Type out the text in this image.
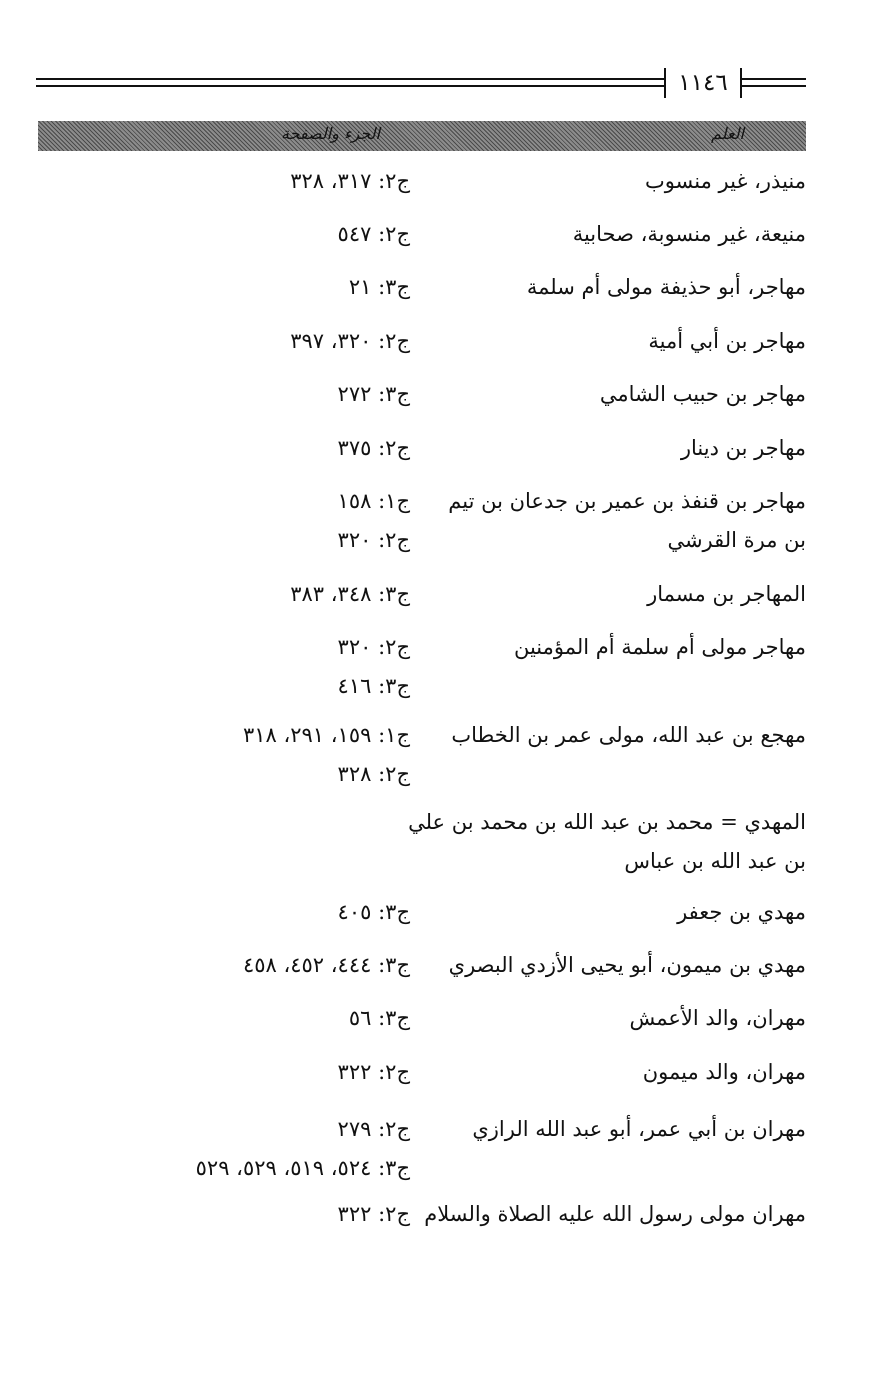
١١٤٦
العلم
الجزء والصفحة
منيذر، غير منسوب
ج٢: ٣١٧، ٣٢٨
منيعة، غير منسوبة، صحابية
ج٢: ٥٤٧
مهاجر، أبو حذيفة مولى أم سلمة
ج٣: ٢١
مهاجر بن أبي أمية
ج٢: ٣٢٠، ٣٩٧
مهاجر بن حبيب الشامي
ج٣: ٢٧٢
مهاجر بن دينار
ج٢: ٣٧٥
مهاجر بن قنفذ بن عمير بن جدعان بن تيم
بن مرة القرشي
ج١: ١٥٨
ج٢: ٣٢٠
المهاجر بن مسمار
ج٣: ٣٤٨، ٣٨٣
مهاجر مولى أم سلمة أم المؤمنين
ج٢: ٣٢٠
ج٣: ٤١٦
مهجع بن عبد الله، مولى عمر بن الخطاب
ج١: ١٥٩، ٢٩١، ٣١٨
ج٢: ٣٢٨
المهدي = محمد بن عبد الله بن محمد بن علي
بن عبد الله بن عباس
مهدي بن جعفر
ج٣: ٤٠٥
مهدي بن ميمون، أبو يحيى الأزدي البصري
ج٣: ٤٤٤، ٤٥٢، ٤٥٨
مهران، والد الأعمش
ج٣: ٥٦
مهران، والد ميمون
ج٢: ٣٢٢
مهران بن أبي عمر، أبو عبد الله الرازي
ج٢: ٢٧٩
ج٣: ٥٢٤، ٥١٩، ٥٢٩، ٥٢٩
مهران مولى رسول الله عليه الصلاة والسلام
ج٢: ٣٢٢
